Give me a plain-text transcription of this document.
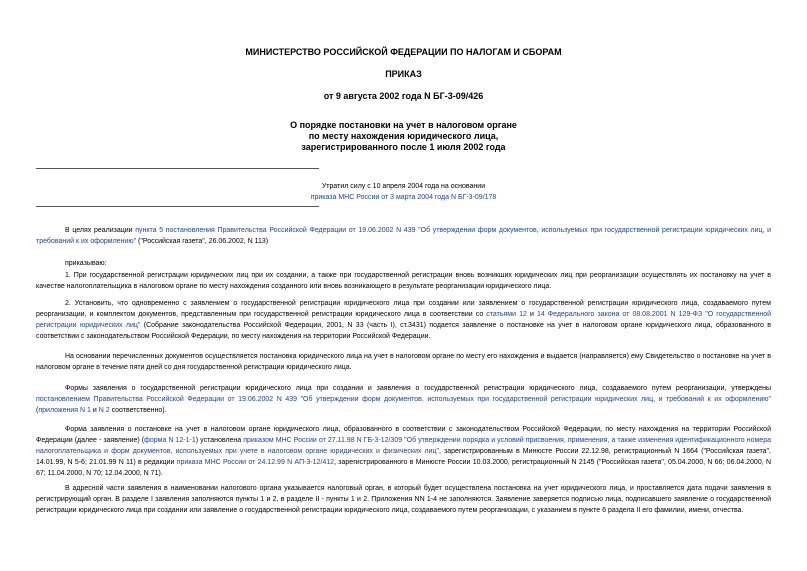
МИНИСТЕРСТВО РОССИЙСКОЙ ФЕДЕРАЦИИ ПО НАЛОГАМ И СБОРАМ
ПРИКАЗ
от 9 августа 2002 года N БГ-3-09/426
О порядке постановки на учет в налоговом органе
по месту нахождения юридического лица,
зарегистрированного после 1 июля 2002 года
Утратил силу с 10 апреля 2004 года на основании
приказа МНС России от 3 марта 2004 года N БГ-3-09/178
В целях реализации пункта 5 постановления Правительства Российской Федерации от 19.06.2002 N 439 "Об утверждении форм документов, используемых при государственной регистрации юридических лиц, и требований к их оформлению" ("Российская газета", 26.06.2002, N 113)
приказываю:
1. При государственной регистрации юридических лиц при их создании, а также при государственной регистрации вновь возникших юридических лиц при реорганизации осуществлять их постановку на учет в качестве налогоплательщика в налоговом органе по месту нахождения созданного или вновь возникающего в результате реорганизации юридического лица.
2. Установить, что одновременно с заявлением о государственной регистрации юридического лица при создании или заявлением о государственной регистрации юридического лица, создаваемого путем реорганизации, и комплектом документов, представленным при государственной регистрации юридического лица в соответствии со статьями 12 и 14 Федерального закона от 08.08.2001 N 129-ФЗ "О государственной регистрации юридических лиц" (Собрание законодательства Российской Федерации, 2001, N 33 (часть I), ст.3431) подается заявление о постановке на учет в налоговом органе юридического лица, образованного в соответствии с законодательством Российской Федерации, по месту нахождения на территории Российской Федерации.
На основании перечисленных документов осуществляется постановка юридического лица на учет в налоговом органе по месту его нахождения и выдается (направляется) ему Свидетельство о постановке на учет в налоговом органе в течение пяти дней со дня государственной регистрации юридического лица.
Формы заявления о государственной регистрации юридического лица при создании и заявления о государственной регистрации юридического лица, создаваемого путем реорганизации, утверждены постановлением Правительства Российской Федерации от 19.06.2002 N 439 "Об утверждении форм документов, используемых при государственной регистрации юридических лиц, и требований к их оформлению" (приложения N 1 и N 2 соответственно).
Форма заявления о постановке на учет в налоговом органе юридического лица, образованного в соответствии с законодательством Российской Федерации, по месту нахождения на территории Российской Федерации (далее - заявление) (форма N 12-1-1) установлена приказом МНС России от 27.11.98 N ГБ-3-12/309 "Об утверждении порядка и условий присвоения, применения, а также изменения идентификационного номера налогоплательщика и форм документов, используемых при учете в налоговом органе юридических и физических лиц", зарегистрированным в Минюсте России 22.12.98, регистрационный N 1664 ("Российская газета", 14.01.99, N 5-6; 21.01.99 N 11) в редакции приказа МНС России от 24.12.99 N АП-3-12/412, зарегистрированного в Минюсте России 10.03.2000, регистрационный N 2145 ("Российская газета", 05.04.2000, N 66; 06.04.2000, N 67; 11.04.2000, N 70; 12.04.2000, N 71).
В адресной части заявления в наименовании налогового органа указывается налоговый орган, в который будет осуществлена постановка на учет юридического лица, и проставляется дата подачи заявления в регистрирующий орган. В разделе I заявления заполняются пункты 1 и 2, в разделе II - пункты 1 и 2. Приложения NN 1-4 не заполняются. Заявление заверяется подписью лица, подписавшего заявление о государственной регистрации юридического лица при создании или заявление о государственной регистрации юридического лица, создаваемого путем реорганизации, с указанием в пункте 6 раздела II его фамилии, имени, отчества.
